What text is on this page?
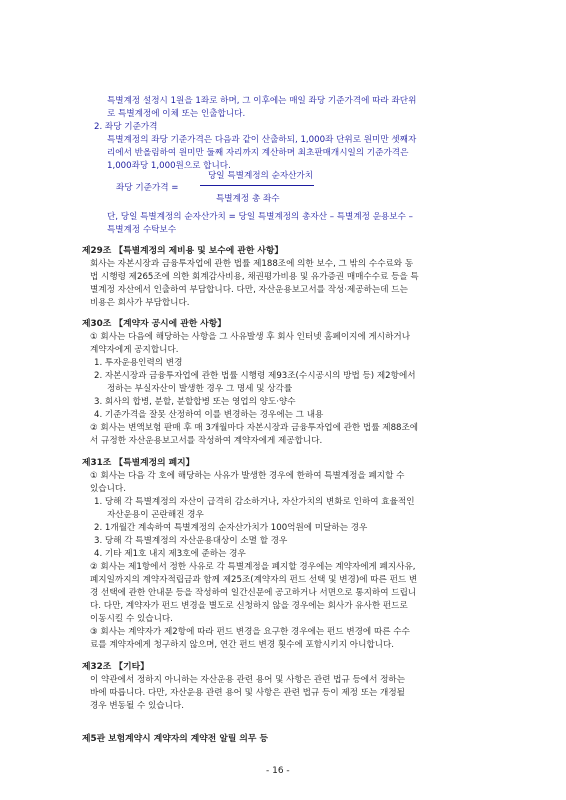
특별계정 설정시 1원을 1좌로 하며, 그 이후에는 매일 좌당 기준가격에 따라 좌단위
로 특별계정에 이체 또는 인출합니다.
2. 좌당 기준가격
특별계정의 좌당 기준가격은 다음과 같이 산출하되, 1,000좌 단위로 원미만 셋째자
리에서 반올림하여 원미만 둘째 자리까지 계산하며 최초판매개시일의 기준가격은
1,000좌당 1,000원으로 합니다.
좌당 기준가격 =
당일 특별계정의 순자산가치
특별계정 총 좌수
단, 당일 특별계정의 순자산가치 = 당일 특별계정의 총자산 – 특별계정 운용보수 –
특별계정 수탁보수
제29조 【특별계정의 제비용 및 보수에 관한 사항】
회사는 자본시장과 금융투자업에 관한 법률 제188조에 의한 보수, 그 밖의 수수료와 동
법 시행령 제265조에 의한 회계감사비용, 채권평가비용 및 유가증권 매매수수료 등을 특
별계정 자산에서 인출하여 부담합니다. 다만, 자산운용보고서를 작성·제공하는데 드는
비용은 회사가 부담합니다.
제30조 【계약자 공시에 관한 사항】
① 회사는 다음에 해당하는 사항을 그 사유발생 후 회사 인터넷 홈페이지에 게시하거나
계약자에게 공지합니다.
1. 투자운용인력의 변경
2. 자본시장과 금융투자업에 관한 법률 시행령 제93조(수시공시의 방법 등) 제2항에서
정하는 부실자산이 발생한 경우 그 명세 및 상각률
3. 회사의 합병, 분할, 분할합병 또는 영업의 양도·양수
4. 기준가격을 잘못 산정하여 이를 변경하는 경우에는 그 내용
② 회사는 변액보험 판매 후 매 3개월마다 자본시장과 금융투자업에 관한 법률 제88조에
서 규정한 자산운용보고서를 작성하여 계약자에게 제공합니다.
제31조 【특별계정의 폐지】
① 회사는 다음 각 호에 해당하는 사유가 발생한 경우에 한하여 특별계정을 폐지할 수
있습니다.
1. 당해 각 특별계정의 자산이 급격히 감소하거나, 자산가치의 변화로 인하여 효율적인
자산운용이 곤란해진 경우
2. 1개월간 계속하여 특별계정의 순자산가치가 100억원에 미달하는 경우
3. 당해 각 특별계정의 자산운용대상이 소멸 할 경우
4. 기타 제1호 내지 제3호에 준하는 경우
② 회사는 제1항에서 정한 사유로 각 특별계정을 폐지할 경우에는 계약자에게 폐지사유,
폐지일까지의 계약자적립금과 함께 제25조(계약자의 펀드 선택 및 변경)에 따른 펀드 변
경 선택에 관한 안내문 등을 작성하여 일간신문에 공고하거나 서면으로 통지하여 드립니
다. 다만, 계약자가 펀드 변경을 별도로 신청하지 않을 경우에는 회사가 유사한 펀드로
이동시킬 수 있습니다.
③ 회사는 계약자가 제2항에 따라 펀드 변경을 요구한 경우에는 펀드 변경에 따른 수수
료를 계약자에게 청구하지 않으며, 연간 펀드 변경 횟수에 포함시키지 아니합니다.
제32조 【기타】
이 약관에서 정하지 아니하는 자산운용 관련 용어 및 사항은 관련 법규 등에서 정하는
바에 따릅니다. 다만, 자산운용 관련 용어 및 사항은 관련 법규 등이 제정 또는 개정될
경우 변동될 수 있습니다.
제5관 보험계약시 계약자의 계약전 알릴 의무 등
- 16 -
